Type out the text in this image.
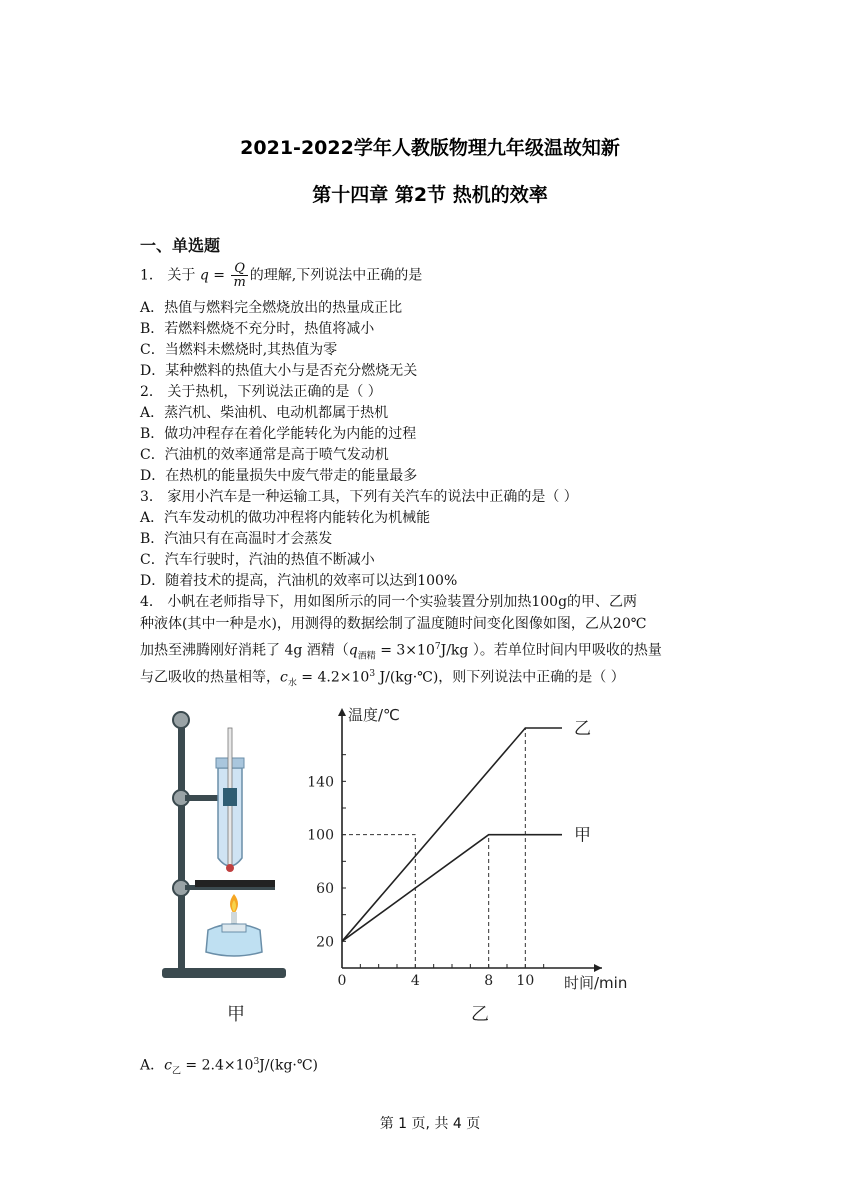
2021-2022学年人教版物理九年级温故知新
第十四章 第2节 热机的效率
一、单选题
1． 关于 $q = \frac{Q}{m}$ 的理解,下列说法中正确的是
A．热值与燃料完全燃烧放出的热量成正比
B．若燃料燃烧不充分时，热值将减小
C．当燃料未燃烧时,其热值为零
D．某种燃料的热值大小与是否充分燃烧无关
2． 关于热机，下列说法正确的是（ ）
A．蒸汽机、柴油机、电动机都属于热机
B．做功冲程存在着化学能转化为内能的过程
C．汽油机的效率通常是高于喷气发动机
D．在热机的能量损失中废气带走的能量最多
3． 家用小汽车是一种运输工具，下列有关汽车的说法中正确的是（ ）
A．汽车发动机的做功冲程将内能转化为机械能
B．汽油只有在高温时才会蒸发
C．汽车行驶时，汽油的热值不断减小
D．随着技术的提高，汽油机的效率可以达到100%
4． 小帆在老师指导下，用如图所示的同一个实验装置分别加热100g的甲、乙两
种液体(其中一种是水)，用测得的数据绘制了温度随时间变化图像如图，乙从20℃
加热至沸腾刚好消耗了 4g 酒精（$q_{酒精} = 3\times 10^7J/kg$ ）。若单位时间内甲吸收的热量
与乙吸收的热量相等，$c_水 = 4.2\times 10^3$ J/(kg·℃)，则下列说法中正确的是（ ）
甲
温度/℃
时间/min
0	4	8 10
20
60
100
140
乙
甲
乙
A．$c_乙$ = $2.4\times 10^3J/(kg\cdot℃)$
第 1 页, 共 4 页
